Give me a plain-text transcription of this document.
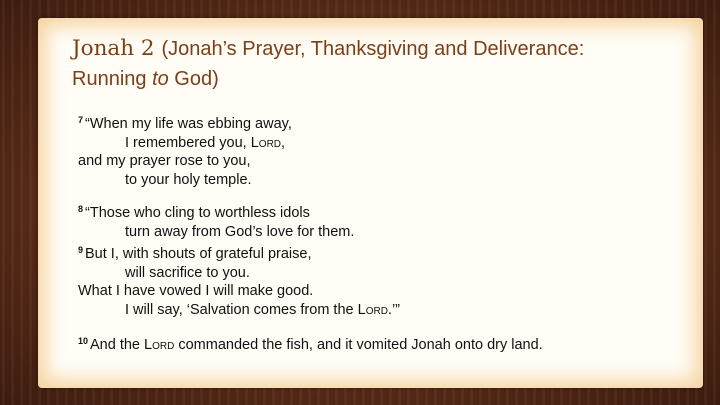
Jonah 2 (Jonah’s Prayer, Thanksgiving and Deliverance:
Running to God)
$^7$ “When my life was ebbing away,
I remembered you, Lord,
and my prayer rose to you,
to your holy temple.
$^8$ “Those who cling to worthless idols
turn away from God’s love for them.
$^9$ But I, with shouts of grateful praise,
will sacrifice to you.
What I have vowed I will make good.
I will say, ‘Salvation comes from the Lord.’”
$^{10}$ And the Lord commanded the fish, and it vomited Jonah onto dry land.
